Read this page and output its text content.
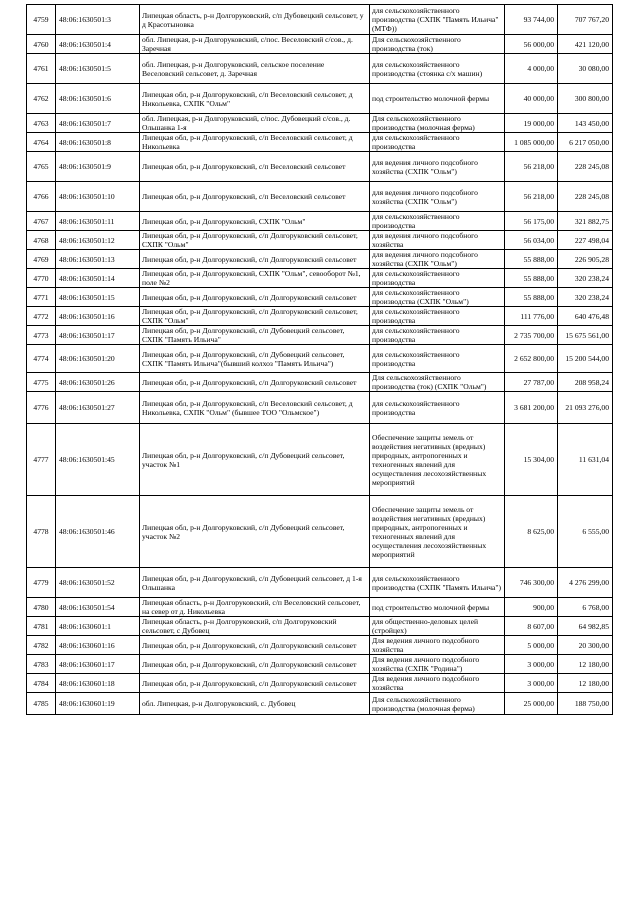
4759	48:06:1630501:3	Липецкая область, р-н Долгоруковский, с/п Дубовецкий сельсовет, у д Красотыновка	для сельскохозяйственного производства (СХПК "Память Ильича" (МТФ))	93 744,00	707 767,20
4760	48:06:1630501:4	обл. Липецкая, р-н Долгоруковский, с/пос. Веселовский с/сов., д. Заречная	Для сельскохозяйственного производства (ток)	56 000,00	421 120,00
4761	48:06:1630501:5	обл. Липецкая, р-н Долгоруковский, сельское поселение Веселовский сельсовет, д. Заречная	для сельскохозяйственного производства (стоянка с/х машин)	4 000,00	30 080,00
4762	48:06:1630501:6	Липецкая обл, р-н Долгоруковский, с/п Веселовский сельсовет, д Никольевка, СХПК "Ольм"	под строительство молочной фермы	40 000,00	300 800,00
4763	48:06:1630501:7	обл. Липецкая, р-н Долгоруковский, с/пос. Дубовецкий с/сов., д. Ольшанка 1-я	Для сельскохозяйственного производства (молочная ферма)	19 000,00	143 450,00
4764	48:06:1630501:8	Липецкая обл, р-н Долгоруковский, с/п Веселовский сельсовет, д Никольевка	для сельскохозяйственного производства	1 085 000,00	6 217 050,00
4765	48:06:1630501:9	Липецкая обл, р-н Долгоруковский, с/п Веселовский сельсовет	для ведения личного подсобного хозяйства (СХПК "Ольм")	56 218,00	228 245,08
4766	48:06:1630501:10	Липецкая обл, р-н Долгоруковский, с/п Веселовский сельсовет	для ведения личного подсобного хозяйства (СХПК "Ольм")	56 218,00	228 245,08
4767	48:06:1630501:11	Липецкая обл, р-н Долгоруковский, СХПК "Ольм"	для сельскохозяйственного производства	56 175,00	321 882,75
4768	48:06:1630501:12	Липецкая обл, р-н Долгоруковский, с/п Долгоруковский сельсовет, СХПК "Ольм"	для ведения личного подсобного хозяйства	56 034,00	227 498,04
4769	48:06:1630501:13	Липецкая обл, р-н Долгоруковский, с/п Долгоруковский сельсовет	для ведения личного подсобного хозяйства (СХПК "Ольм")	55 888,00	226 905,28
4770	48:06:1630501:14	Липецкая обл, р-н Долгоруковский, СХПК "Ольм", севооборот №1, поле №2	для сельскохозяйственного производства	55 888,00	320 238,24
4771	48:06:1630501:15	Липецкая обл, р-н Долгоруковский, с/п Долгоруковский сельсовет	для сельскохозяйственного производства (СХПК "Ольм")	55 888,00	320 238,24
4772	48:06:1630501:16	Липецкая обл, р-н Долгоруковский, с/п Долгоруковский сельсовет, СХПК "Ольм"	для сельскохозяйственного производства	111 776,00	640 476,48
4773	48:06:1630501:17	Липецкая обл, р-н Долгоруковский, с/п Дубовецкий сельсовет, СХПК "Память Ильича"	для сельскохозяйственного производства	2 735 700,00	15 675 561,00
4774	48:06:1630501:20	Липецкая обл, р-н Долгоруковский, с/п Дубовецкий сельсовет, СХПК "Память Ильича"(бывший колхоз "Память Ильича")	для сельскохозяйственного производства	2 652 800,00	15 200 544,00
4775	48:06:1630501:26	Липецкая обл, р-н Долгоруковский, с/п Долгоруковский сельсовет	Для сельскохозяйственного производства (ток) (СХПК "Ольм")	27 787,00	208 958,24
4776	48:06:1630501:27	Липецкая обл, р-н Долгоруковский, с/п Веселовский сельсовет, д Никольевка, СХПК "Ольм" (бывшее ТОО "Ольмское")	для сельскохозяйственного производства	3 681 200,00	21 093 276,00
4777	48:06:1630501:45	Липецкая обл, р-н Долгоруковский, с/п Дубовецкий сельсовет, участок №1	Обеспечение защиты земель от воздействия негативных (вредных) природных, антропогенных и техногенных явлений для осуществления лесохозяйственных мероприятий	15 304,00	11 631,04
4778	48:06:1630501:46	Липецкая обл, р-н Долгоруковский, с/п Дубовецкий сельсовет, участок №2	Обеспечение защиты земель от воздействия негативных (вредных) природных, антропогенных и техногенных явлений для осуществления лесохозяйственных мероприятий	8 625,00	6 555,00
4779	48:06:1630501:52	Липецкая обл, р-н Долгоруковский, с/п Дубовецкий сельсовет, д 1-я Ольшанка	для сельскохозяйственного производства (СХПК "Память Ильича")	746 300,00	4 276 299,00
4780	48:06:1630501:54	Липецкая область, р-н Долгоруковский, с/п Веселовский сельсовет, на север от д. Никольевка	под строительство молочной фермы	900,00	6 768,00
4781	48:06:1630601:1	Липецкая область, р-н Долгоруковский, с/п Долгоруковский сельсовет, с Дубовец	для общественно-деловых целей (стройцех)	8 607,00	64 982,85
4782	48:06:1630601:16	Липецкая обл, р-н Долгоруковский, с/п Долгоруковский сельсовет	Для ведения личного подсобного хозяйства	5 000,00	20 300,00
4783	48:06:1630601:17	Липецкая обл, р-н Долгоруковский, с/п Долгоруковский сельсовет	Для ведения личного подсобного хозяйства (СХПК "Родина")	3 000,00	12 180,00
4784	48:06:1630601:18	Липецкая обл, р-н Долгоруковский, с/п Долгоруковский сельсовет	Для ведения личного подсобного хозяйства	3 000,00	12 180,00
4785	48:06:1630601:19	обл. Липецкая, р-н Долгоруковский, с. Дубовец	Для сельскохозяйственного производства (молочная ферма)	25 000,00	188 750,00
